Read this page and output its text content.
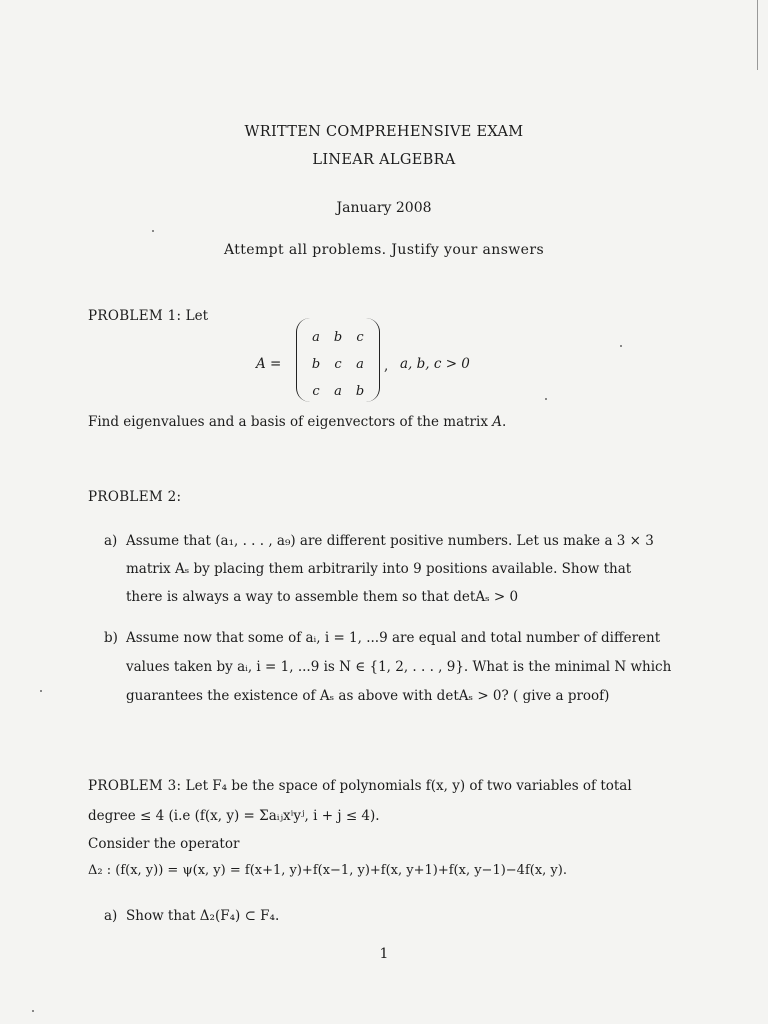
WRITTEN COMPREHENSIVE EXAM
LINEAR ALGEBRA
January 2008
Attempt all problems. Justify your answers
PROBLEM 1: Let
A =
a	b	c
b	c	a
c	a	b
, a, b, c > 0
Find eigenvalues and a basis of eigenvectors of the matrix A.
PROBLEM 2:
a) Assume that (a₁, . . . , a₉) are different positive numbers. Let us make a 3 × 3
matrix Aₛ by placing them arbitrarily into 9 positions available. Show that
there is always a way to assemble them so that detAₛ > 0
b) Assume now that some of aᵢ, i = 1, ...9 are equal and total number of different
values taken by aᵢ, i = 1, ...9 is N ∈ {1, 2, . . . , 9}. What is the minimal N which
guarantees the existence of Aₛ as above with detAₛ > 0? ( give a proof)
PROBLEM 3: Let F₄ be the space of polynomials f(x, y) of two variables of total
degree ≤ 4 (i.e (f(x, y) = Σaᵢⱼxⁱyʲ, i + j ≤ 4).
Consider the operator
Δ₂ : (f(x, y)) = ψ(x, y) = f(x+1, y)+f(x−1, y)+f(x, y+1)+f(x, y−1)−4f(x, y).
a) Show that Δ₂(F₄) ⊂ F₄.
1
